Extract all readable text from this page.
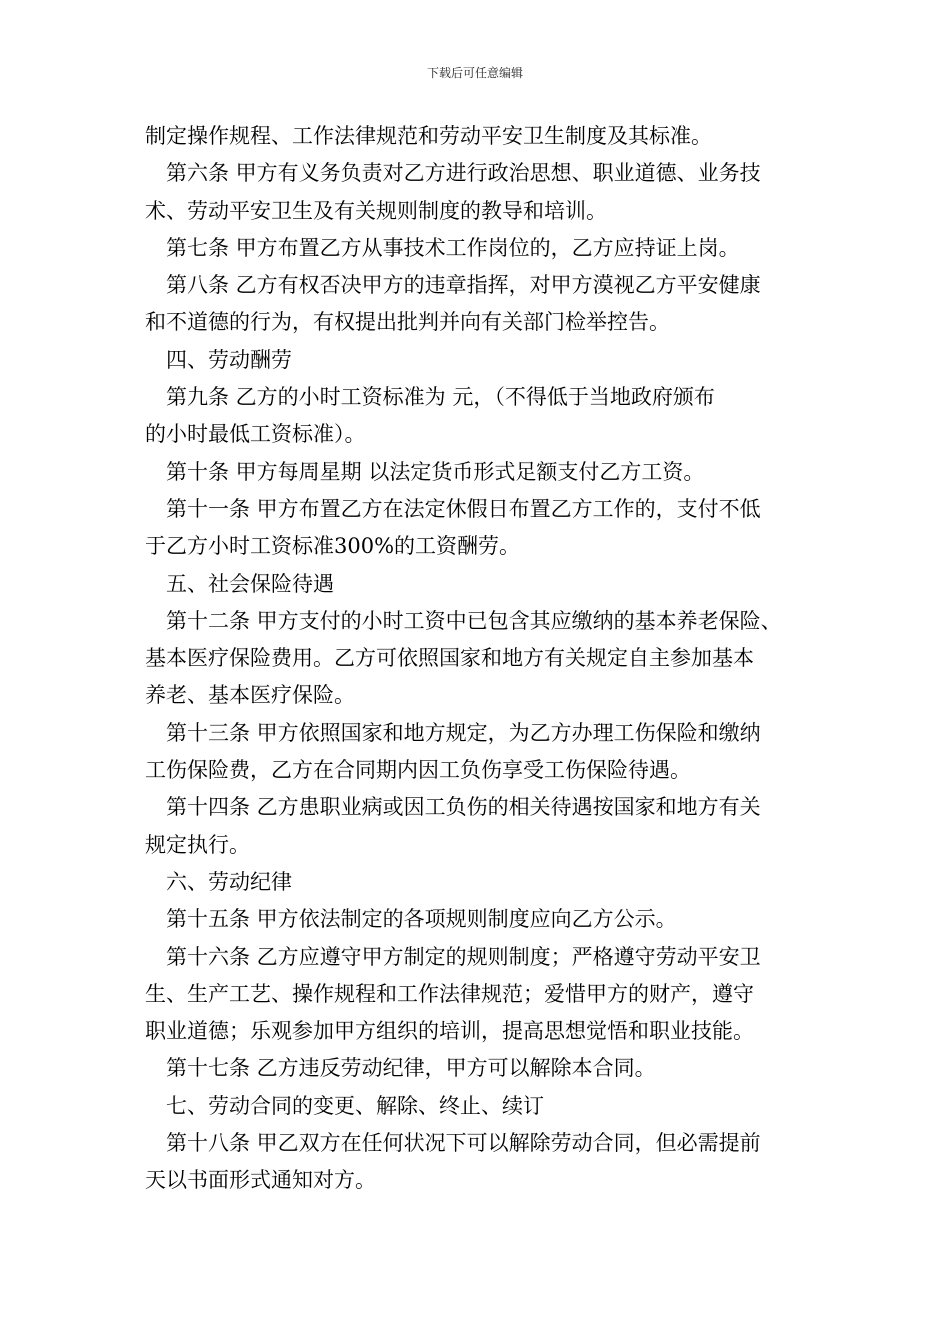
下载后可任意编辑
制定操作规程、工作法律规范和劳动平安卫生制度及其标准。
第六条 甲方有义务负责对乙方进行政治思想、职业道德、业务技
术、劳动平安卫生及有关规则制度的教导和培训。
第七条 甲方布置乙方从事技术工作岗位的，乙方应持证上岗。
第八条 乙方有权否决甲方的违章指挥，对甲方漠视乙方平安健康
和不道德的行为，有权提出批判并向有关部门检举控告。
四、劳动酬劳
第九条 乙方的小时工资标准为 元，（不得低于当地政府颁布
的小时最低工资标准）。
第十条 甲方每周星期 以法定货币形式足额支付乙方工资。
第十一条 甲方布置乙方在法定休假日布置乙方工作的，支付不低
于乙方小时工资标准300%的工资酬劳。
五、社会保险待遇
第十二条 甲方支付的小时工资中已包含其应缴纳的基本养老保险、
基本医疗保险费用。乙方可依照国家和地方有关规定自主参加基本
养老、基本医疗保险。
第十三条 甲方依照国家和地方规定，为乙方办理工伤保险和缴纳
工伤保险费，乙方在合同期内因工负伤享受工伤保险待遇。
第十四条 乙方患职业病或因工负伤的相关待遇按国家和地方有关
规定执行。
六、劳动纪律
第十五条 甲方依法制定的各项规则制度应向乙方公示。
第十六条 乙方应遵守甲方制定的规则制度；严格遵守劳动平安卫
生、生产工艺、操作规程和工作法律规范；爱惜甲方的财产，遵守
职业道德；乐观参加甲方组织的培训，提高思想觉悟和职业技能。
第十七条 乙方违反劳动纪律，甲方可以解除本合同。
七、劳动合同的变更、解除、终止、续订
第十八条 甲乙双方在任何状况下可以解除劳动合同，但必需提前
天以书面形式通知对方。
